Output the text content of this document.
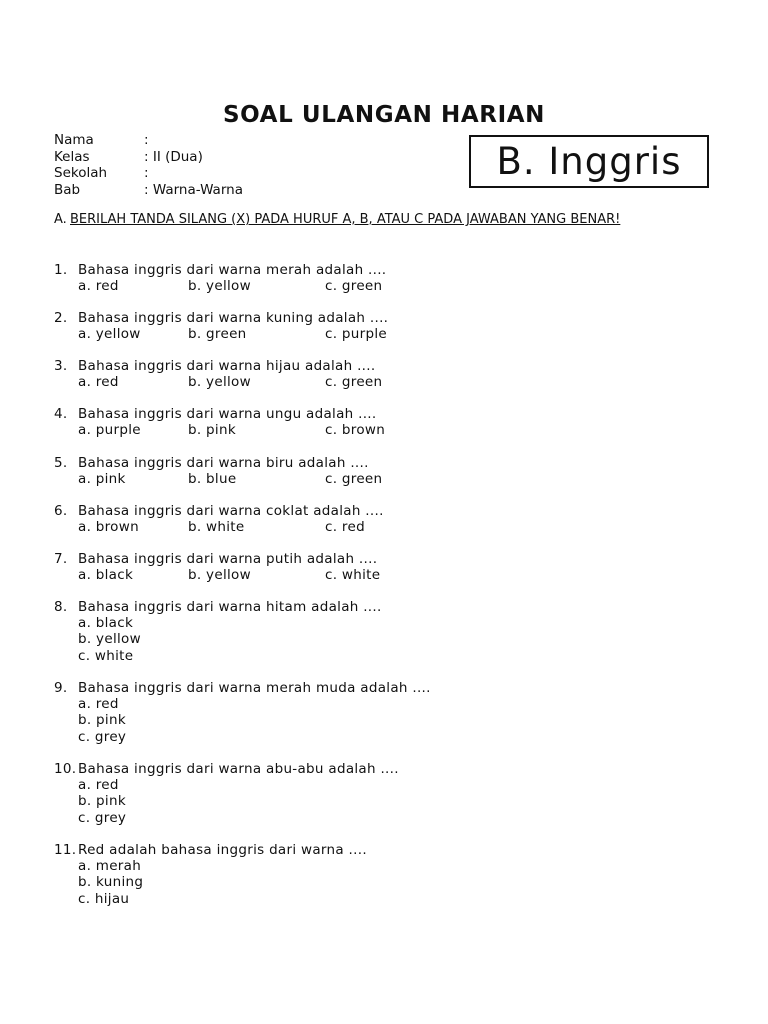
SOAL ULANGAN HARIAN
B. Inggris
Nama	:
Kelas	: II (Dua)
Sekolah	:
Bab	: Warna-Warna
A. BERILAH TANDA SILANG (X) PADA HURUF A, B, ATAU C PADA JAWABAN YANG BENAR!
1. Bahasa inggris dari warna merah adalah ....
a. red	b. yellow	c. green
2. Bahasa inggris dari warna kuning adalah ....
a. yellow	b. green	c. purple
3. Bahasa inggris dari warna hijau adalah ....
a. red	b. yellow	c. green
4. Bahasa inggris dari warna ungu adalah ....
a. purple	b. pink	c. brown
5. Bahasa inggris dari warna biru adalah ....
a. pink	b. blue	c. green
6. Bahasa inggris dari warna coklat adalah ....
a. brown	b. white	c. red
7. Bahasa inggris dari warna putih adalah ....
a. black	b. yellow	c. white
8. Bahasa inggris dari warna hitam adalah ....
a. black
b. yellow
c. white
9. Bahasa inggris dari warna merah muda adalah ....
a. red
b. pink
c. grey
10. Bahasa inggris dari warna abu-abu adalah ....
a. red
b. pink
c. grey
11. Red adalah bahasa inggris dari warna ....
a. merah
b. kuning
c. hijau
